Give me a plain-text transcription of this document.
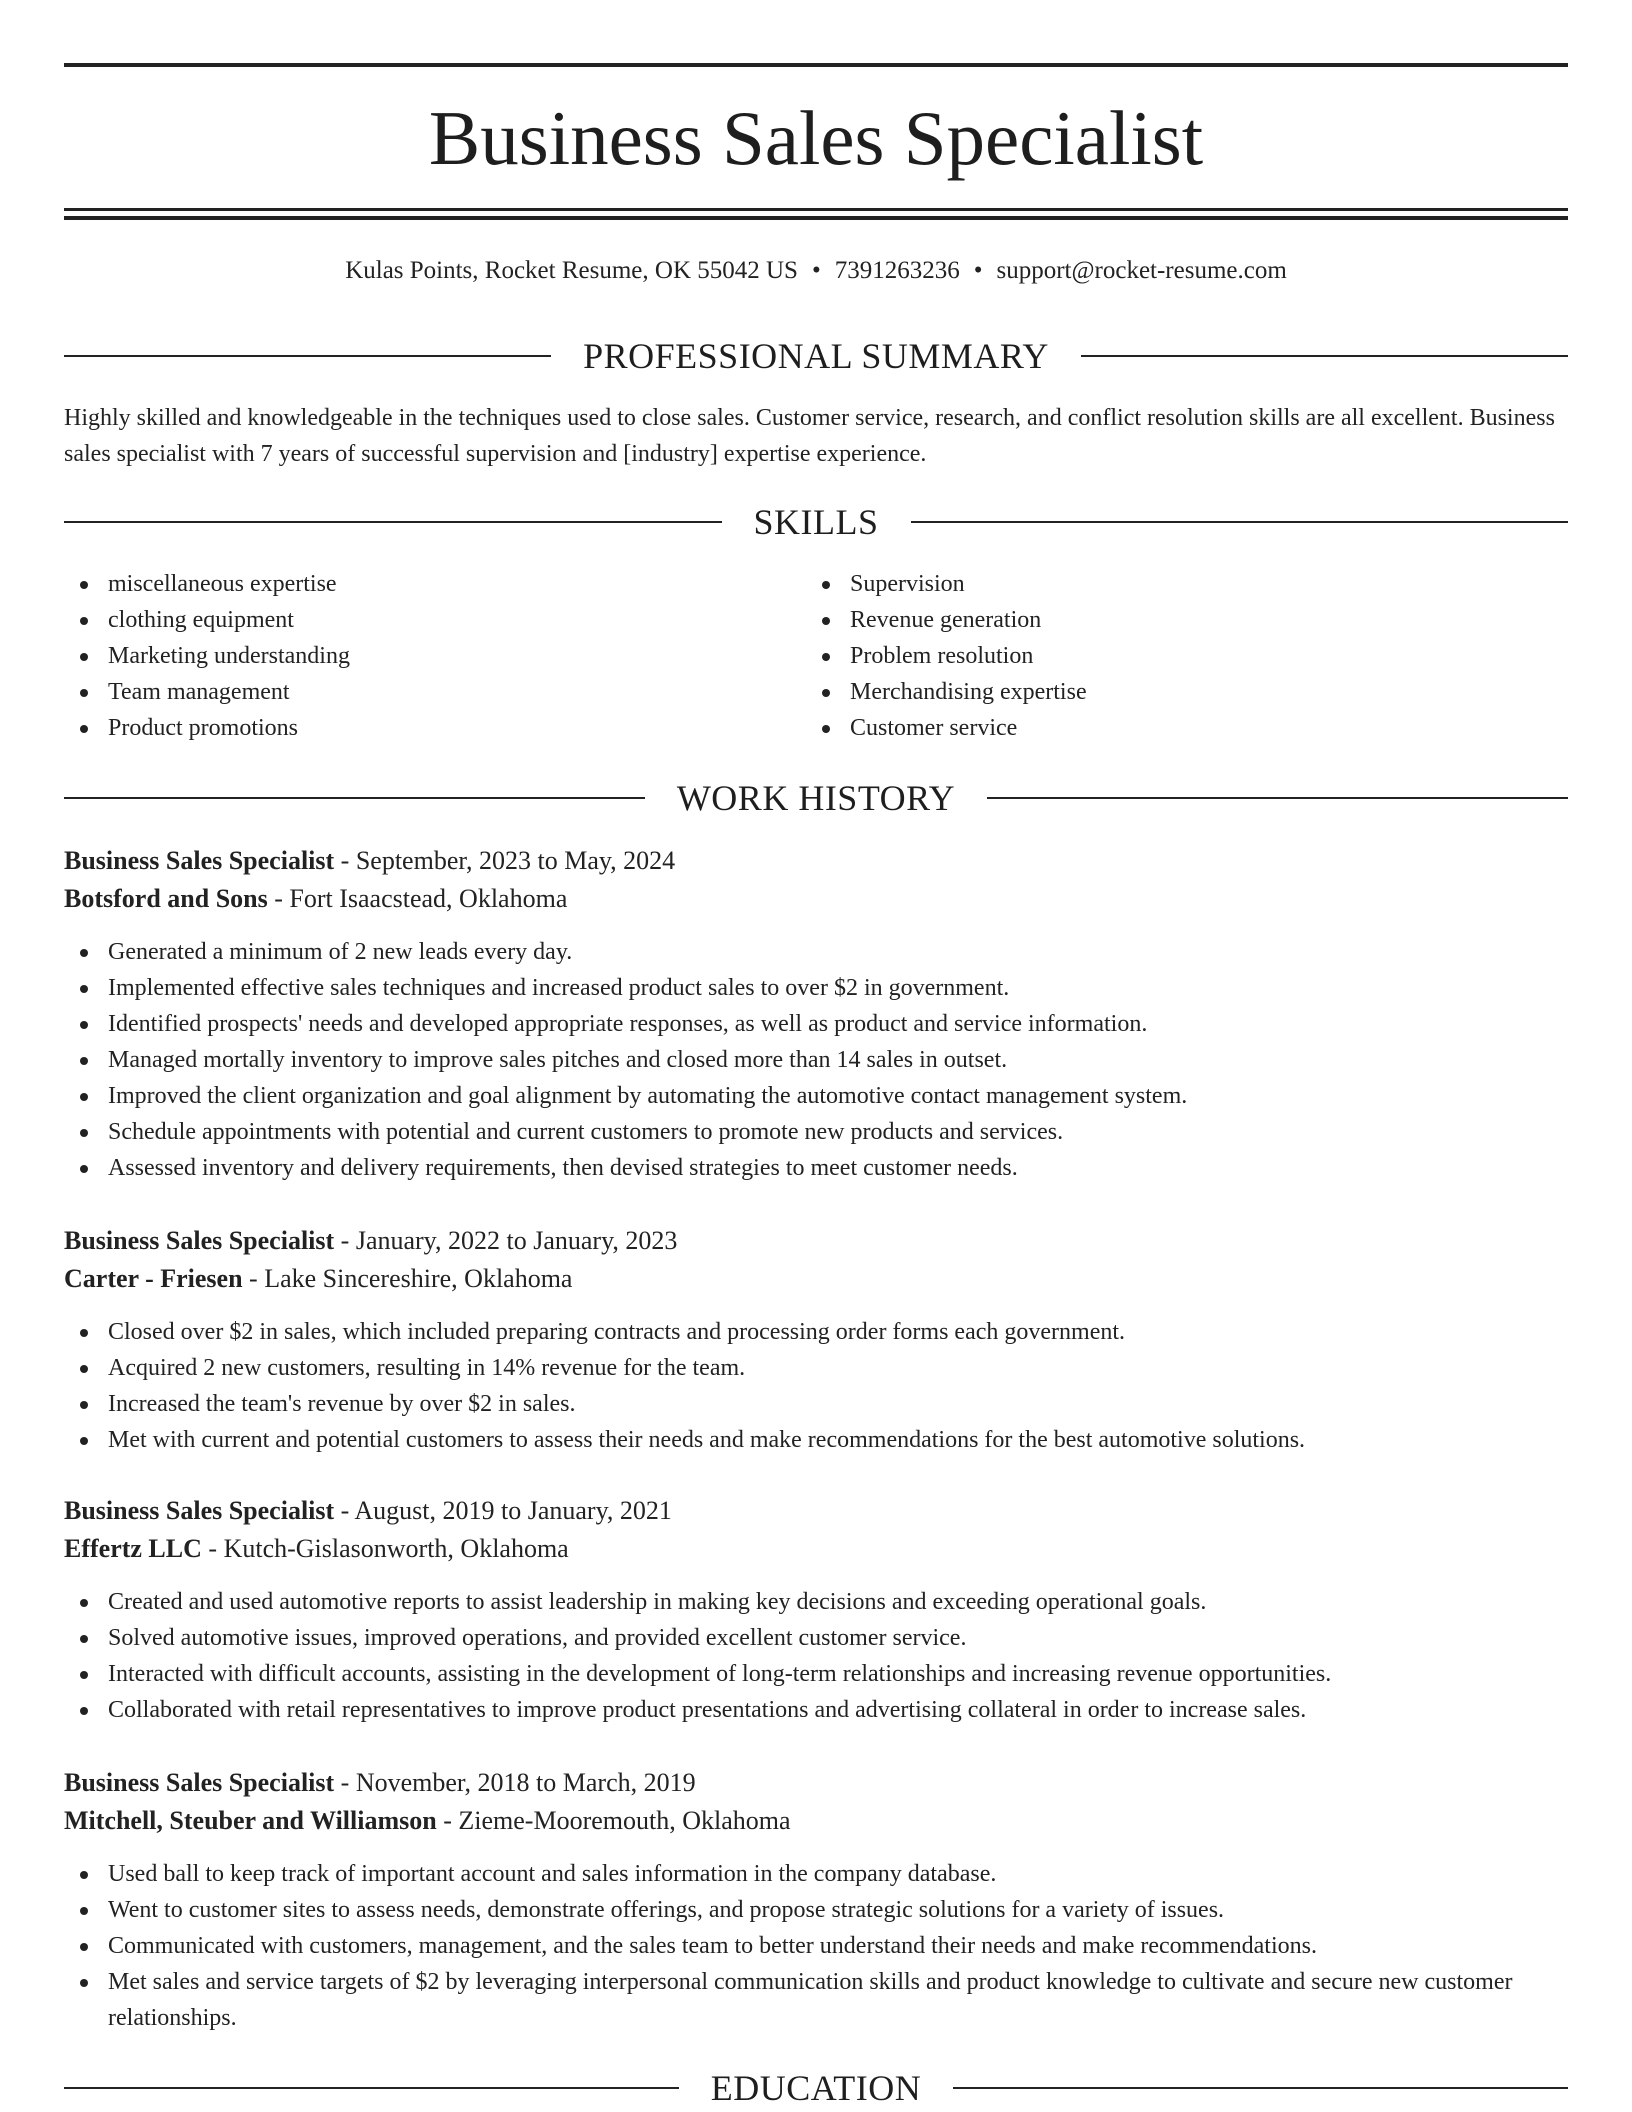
Business Sales Specialist
Kulas Points, Rocket Resume, OK 55042 US • 7391263236 • support@rocket-resume.com
PROFESSIONAL SUMMARY

Highly skilled and knowledgeable in the techniques used to close sales. Customer service, research, and conflict resolution skills are all excellent. Business sales specialist with 7 years of successful supervision and [industry] expertise experience.

SKILLS
miscellaneous expertise
clothing equipment
Marketing understanding
Team management
Product promotions
Supervision
Revenue generation
Problem resolution
Merchandising expertise
Customer service
WORK HISTORY
Business Sales Specialist - September, 2023 to May, 2024
Botsford and Sons - Fort Isaacstead, Oklahoma
Generated a minimum of 2 new leads every day.
Implemented effective sales techniques and increased product sales to over $2 in government.
Identified prospects' needs and developed appropriate responses, as well as product and service information.
Managed mortally inventory to improve sales pitches and closed more than 14 sales in outset.
Improved the client organization and goal alignment by automating the automotive contact management system.
Schedule appointments with potential and current customers to promote new products and services.
Assessed inventory and delivery requirements, then devised strategies to meet customer needs.
Business Sales Specialist - January, 2022 to January, 2023
Carter - Friesen - Lake Sincereshire, Oklahoma
Closed over $2 in sales, which included preparing contracts and processing order forms each government.
Acquired 2 new customers, resulting in 14% revenue for the team.
Increased the team's revenue by over $2 in sales.
Met with current and potential customers to assess their needs and make recommendations for the best automotive solutions.
Business Sales Specialist - August, 2019 to January, 2021
Effertz LLC - Kutch-Gislasonworth, Oklahoma
Created and used automotive reports to assist leadership in making key decisions and exceeding operational goals.
Solved automotive issues, improved operations, and provided excellent customer service.
Interacted with difficult accounts, assisting in the development of long-term relationships and increasing revenue opportunities.
Collaborated with retail representatives to improve product presentations and advertising collateral in order to increase sales.
Business Sales Specialist - November, 2018 to March, 2019
Mitchell, Steuber and Williamson - Zieme-Mooremouth, Oklahoma
Used ball to keep track of important account and sales information in the company database.
Went to customer sites to assess needs, demonstrate offerings, and propose strategic solutions for a variety of issues.
Communicated with customers, management, and the sales team to better understand their needs and make recommendations.
Met sales and service targets of $2 by leveraging interpersonal communication skills and product knowledge to cultivate and secure new customer relationships.
EDUCATION
